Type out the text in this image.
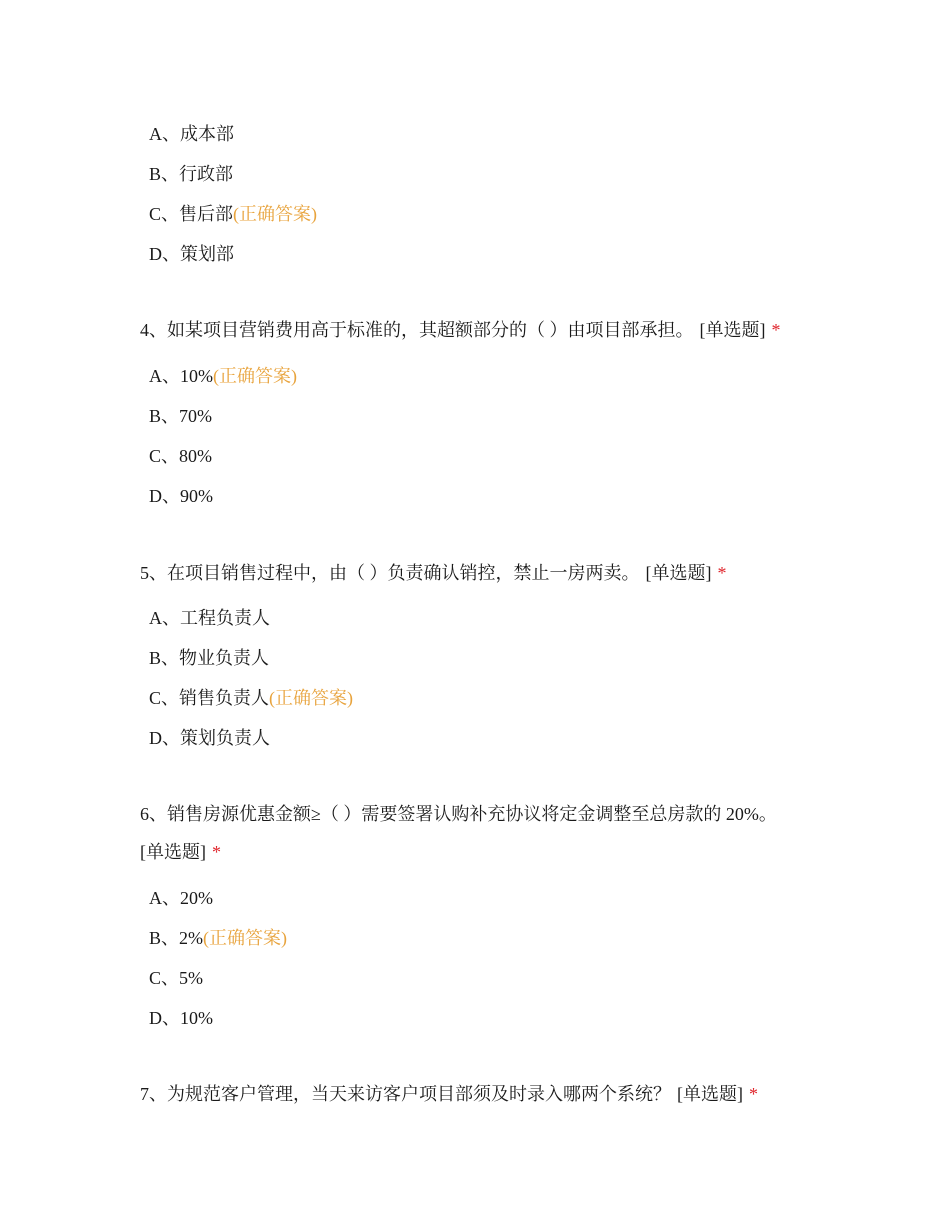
A、成本部
B、行政部
C、售后部(正确答案)
D、策划部
4、如某项目营销费用高于标准的，其超额部分的（ ）由项目部承担。 [单选题] *
A、10%(正确答案)
B、70%
C、80%
D、90%
5、在项目销售过程中，由（ ）负责确认销控，禁止一房两卖。 [单选题] *
A、工程负责人
B、物业负责人
C、销售负责人(正确答案)
D、策划负责人
6、销售房源优惠金额≥（ ）需要签署认购补充协议将定金调整至总房款的 20%。
[单选题] *
A、20%
B、2%(正确答案)
C、5%
D、10%
7、为规范客户管理，当天来访客户项目部须及时录入哪两个系统？ [单选题] *
